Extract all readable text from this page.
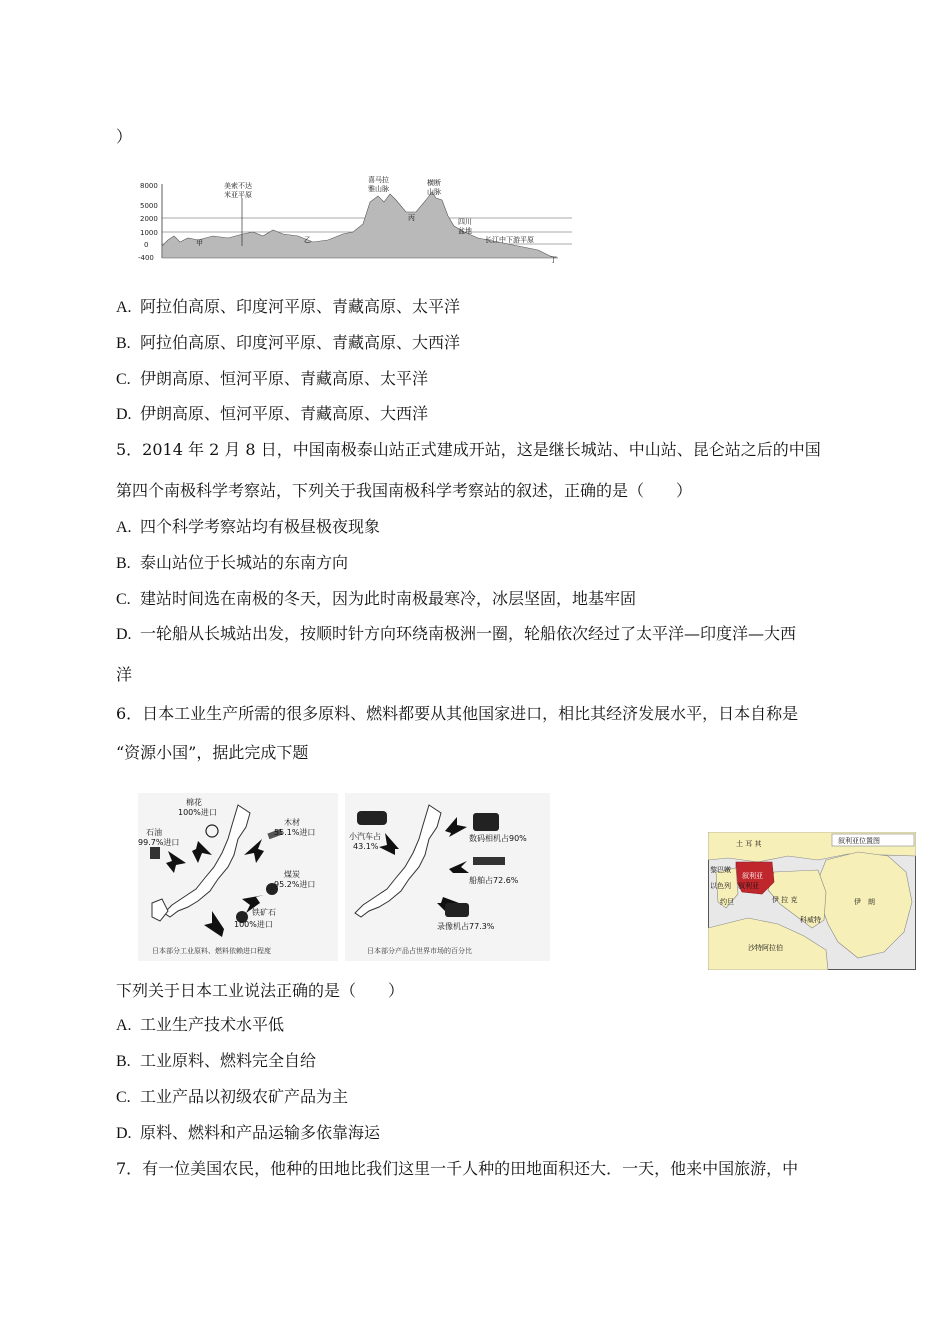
）
8000
5000
2000
1000
0
-400
美索不达
米亚平原
喜马拉
雅山脉
横断
山脉
四川
盆地
长江中下游平原
甲	乙
丙
丁
A. 阿拉伯高原、印度河平原、青藏高原、太平洋
B. 阿拉伯高原、印度河平原、青藏高原、大西洋
C. 伊朗高原、恒河平原、青藏高原、太平洋
D. 伊朗高原、恒河平原、青藏高原、大西洋
5．2014 年 2 月 8 日，中国南极泰山站正式建成开站，这是继长城站、中山站、昆仑站之后的中国
第四个南极科学考察站，下列关于我国南极科学考察站的叙述，正确的是（　　）
A. 四个科学考察站均有极昼极夜现象
B. 泰山站位于长城站的东南方向
C. 建站时间选在南极的冬天，因为此时南极最寒冷，冰层坚固，地基牢固
D. 一轮船从长城站出发，按顺时针方向环绕南极洲一圈，轮船依次经过了太平洋—印度洋—大西
洋
6．日本工业生产所需的很多原料、燃料都要从其他国家进口，相比其经济发展水平，日本自称是
“资源小国”，据此完成下题
棉花
100%进口
石油
99.7%进口
木材
55.1%进口
煤炭
95.2%进口
铁矿石
100%进口
日本部分工业原料、燃料依赖进口程度
小汽车占
43.1%
数码相机占90%
船舶占72.6%
录像机占77.3%
日本部分产品占世界市场的百分比
土 耳 其	叙利亚位置图
叙利亚
叙利亚
黎巴嫩
以色列
约旦	伊 拉 克
科威特
伊　朗
沙特阿拉伯
下列关于日本工业说法正确的是（　　）
A. 工业生产技术水平低
B. 工业原料、燃料完全自给
C. 工业产品以初级农矿产品为主
D. 原料、燃料和产品运输多依靠海运
7．有一位美国农民，他种的田地比我们这里一千人种的田地面积还大．一天，他来中国旅游，中
